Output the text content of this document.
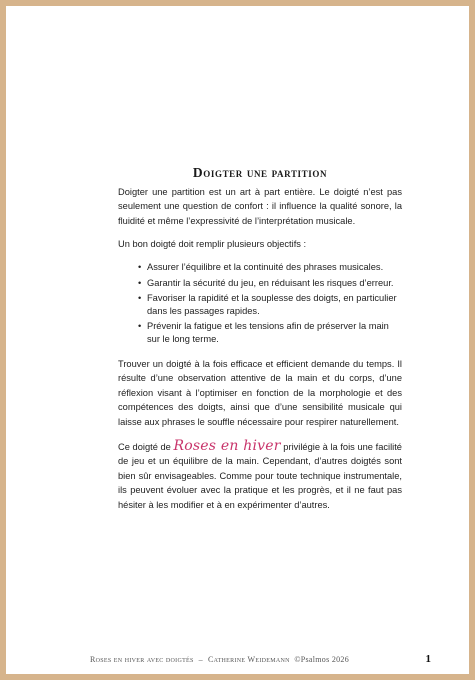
Doigter une partition

Doigter une partition est un art à part entière. Le doigté n’est pas seulement une question de confort : il influence la qualité sonore, la fluidité et même l’expressivité de l’interprétation musicale.

Un bon doigté doit remplir plusieurs objectifs :

• Assurer l’équilibre et la continuité des phrases musicales.
• Garantir la sécurité du jeu, en réduisant les risques d’erreur.
• Favoriser la rapidité et la souplesse des doigts, en particulier dans les passages rapides.
• Prévenir la fatigue et les tensions afin de préserver la main sur le long terme.

Trouver un doigté à la fois efficace et efficient demande du temps. Il résulte d’une observation attentive de la main et du corps, d’une réflexion visant à l’optimiser en fonction de la morphologie et des compétences des doigts, ainsi que d’une sensibilité musicale qui laisse aux phrases le souffle nécessaire pour respirer naturellement.

Ce doigté de Roses en hiver privilégie à la fois une facilité de jeu et un équilibre de la main. Cependant, d’autres doigtés sont bien sûr envisageables. Comme pour toute technique instrumentale, ils peuvent évoluer avec la pratique et les progrès, et il ne faut pas hésiter à les modifier et à en expérimenter d’autres.

Roses en hiver avec doigtés – Catherine Weidemann ©Psalmos 2026	1
